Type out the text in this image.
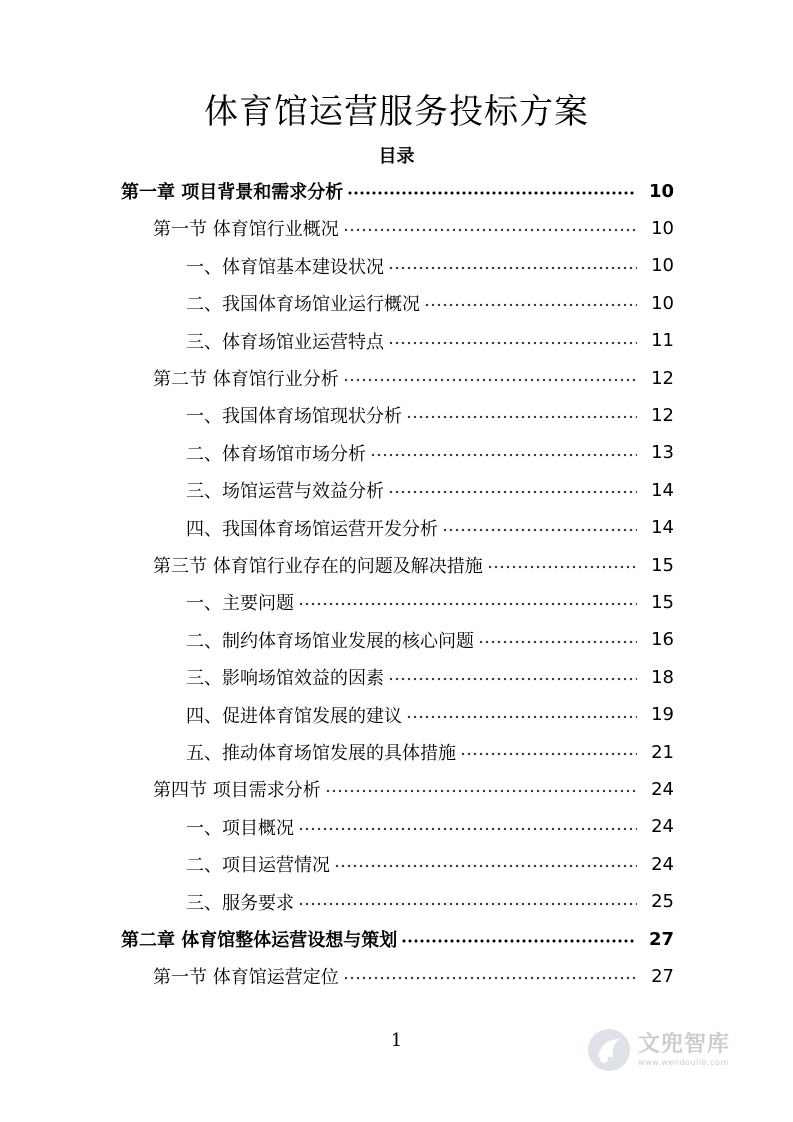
体育馆运营服务投标方案
目录
第一章 项目背景和需求分析	10
第一节 体育馆行业概况	10
一、体育馆基本建设状况	10
二、我国体育场馆业运行概况	10
三、体育场馆业运营特点	11
第二节 体育馆行业分析	12
一、我国体育场馆现状分析	12
二、体育场馆市场分析	13
三、场馆运营与效益分析	14
四、我国体育场馆运营开发分析	14
第三节 体育馆行业存在的问题及解决措施	15
一、主要问题	15
二、制约体育场馆业发展的核心问题	16
三、影响场馆效益的因素	18
四、促进体育馆发展的建议	19
五、推动体育场馆发展的具体措施	21
第四节 项目需求分析	24
一、项目概况	24
二、项目运营情况	24
三、服务要求	25
第二章 体育馆整体运营设想与策划	27
第一节 体育馆运营定位	27
1	文兜智库
www.wendoulib.com
